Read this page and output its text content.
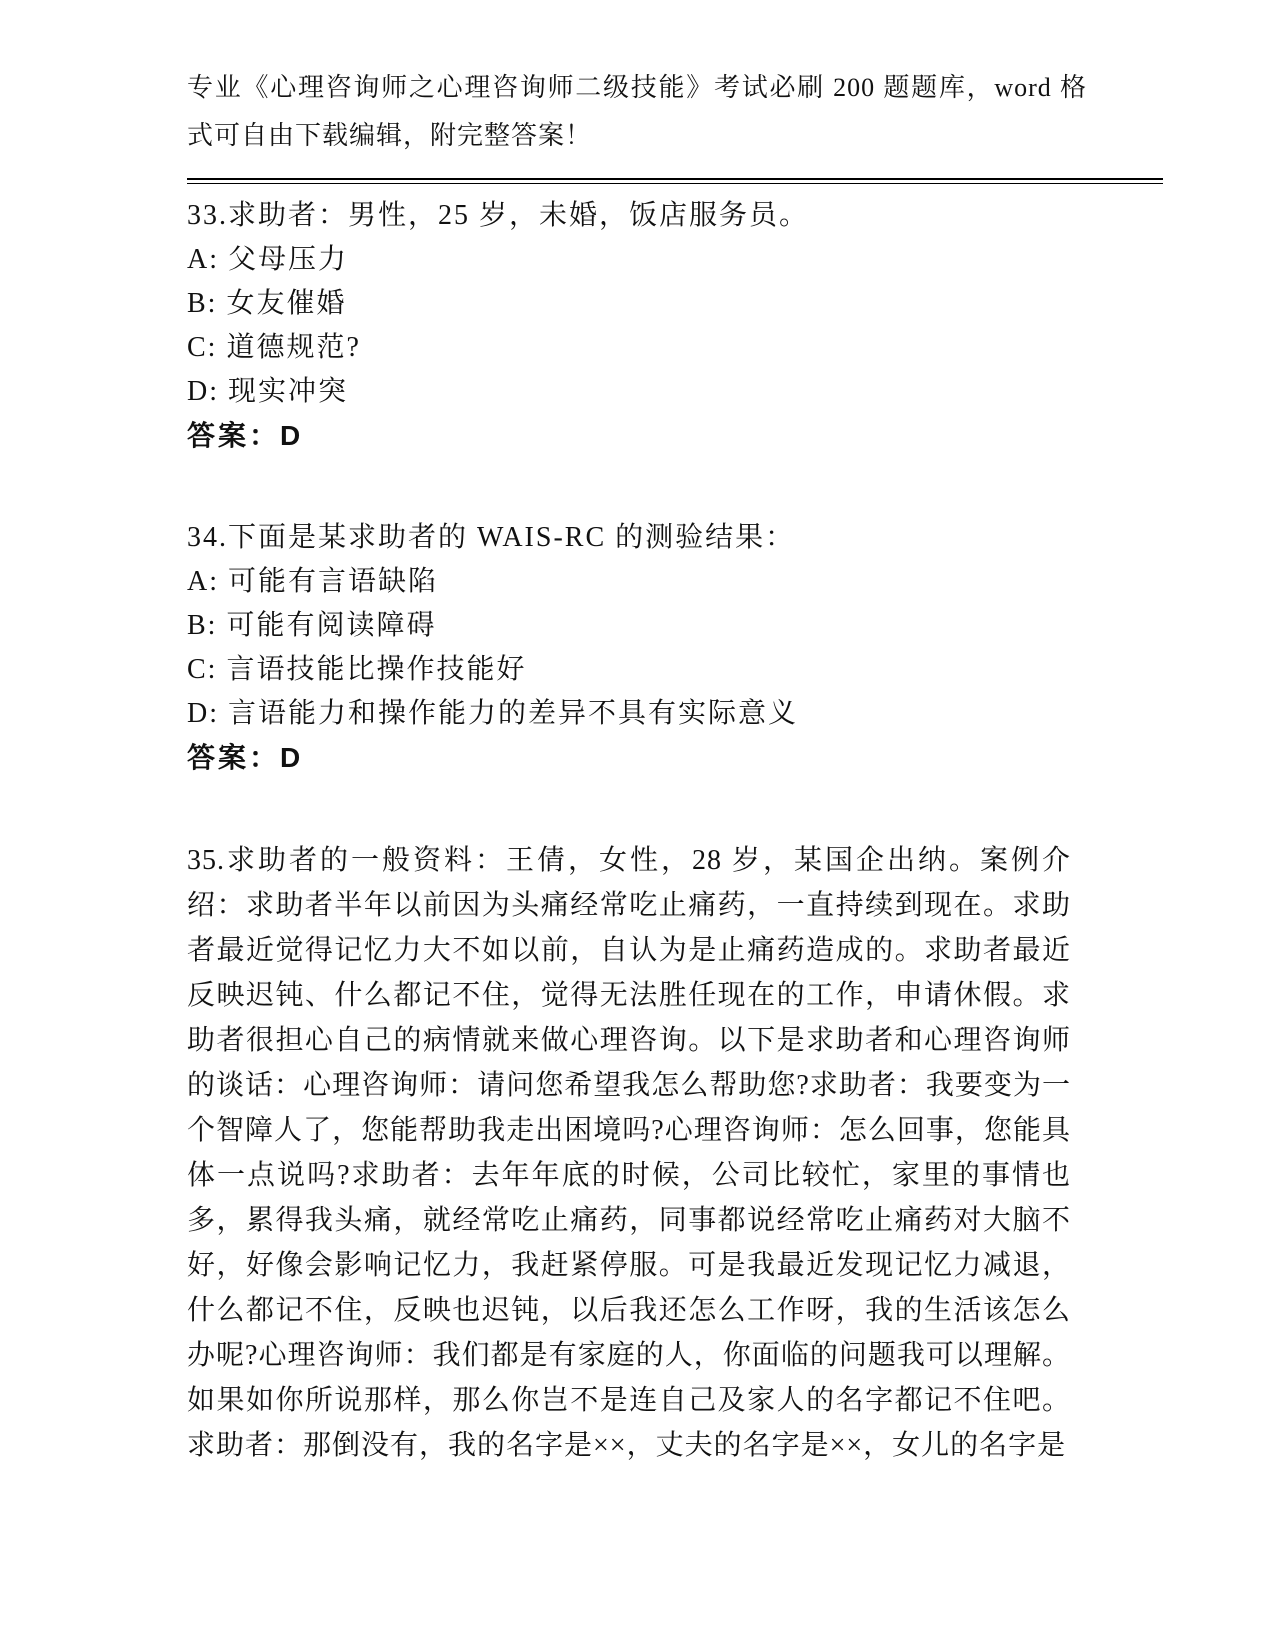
专业《心理咨询师之心理咨询师二级技能》考试必刷 200 题题库，word 格式可自由下载编辑，附完整答案！

33.求助者：男性，25 岁，未婚，饭店服务员。

A: 父母压力

B: 女友催婚

C: 道德规范?

D: 现实冲突

答案：D

34.下面是某求助者的 WAIS-RC 的测验结果：

A: 可能有言语缺陷

B: 可能有阅读障碍

C: 言语技能比操作技能好

D: 言语能力和操作能力的差异不具有实际意义

答案：D

35.求助者的一般资料：王倩，女性，28 岁，某国企出纳。案例介绍：求助者半年以前因为头痛经常吃止痛药，一直持续到现在。求助者最近觉得记忆力大不如以前，自认为是止痛药造成的。求助者最近反映迟钝、什么都记不住，觉得无法胜任现在的工作，申请休假。求助者很担心自己的病情就来做心理咨询。以下是求助者和心理咨询师的谈话：心理咨询师：请问您希望我怎么帮助您?求助者：我要变为一个智障人了，您能帮助我走出困境吗?心理咨询师：怎么回事，您能具体一点说吗?求助者：去年年底的时候，公司比较忙，家里的事情也多，累得我头痛，就经常吃止痛药，同事都说经常吃止痛药对大脑不好，好像会影响记忆力，我赶紧停服。可是我最近发现记忆力减退，什么都记不住，反映也迟钝，以后我还怎么工作呀，我的生活该怎么办呢?心理咨询师：我们都是有家庭的人，你面临的问题我可以理解。如果如你所说那样，那么你岂不是连自己及家人的名字都记不住吧。求助者：那倒没有，我的名字是××，丈夫的名字是××，女儿的名字是
